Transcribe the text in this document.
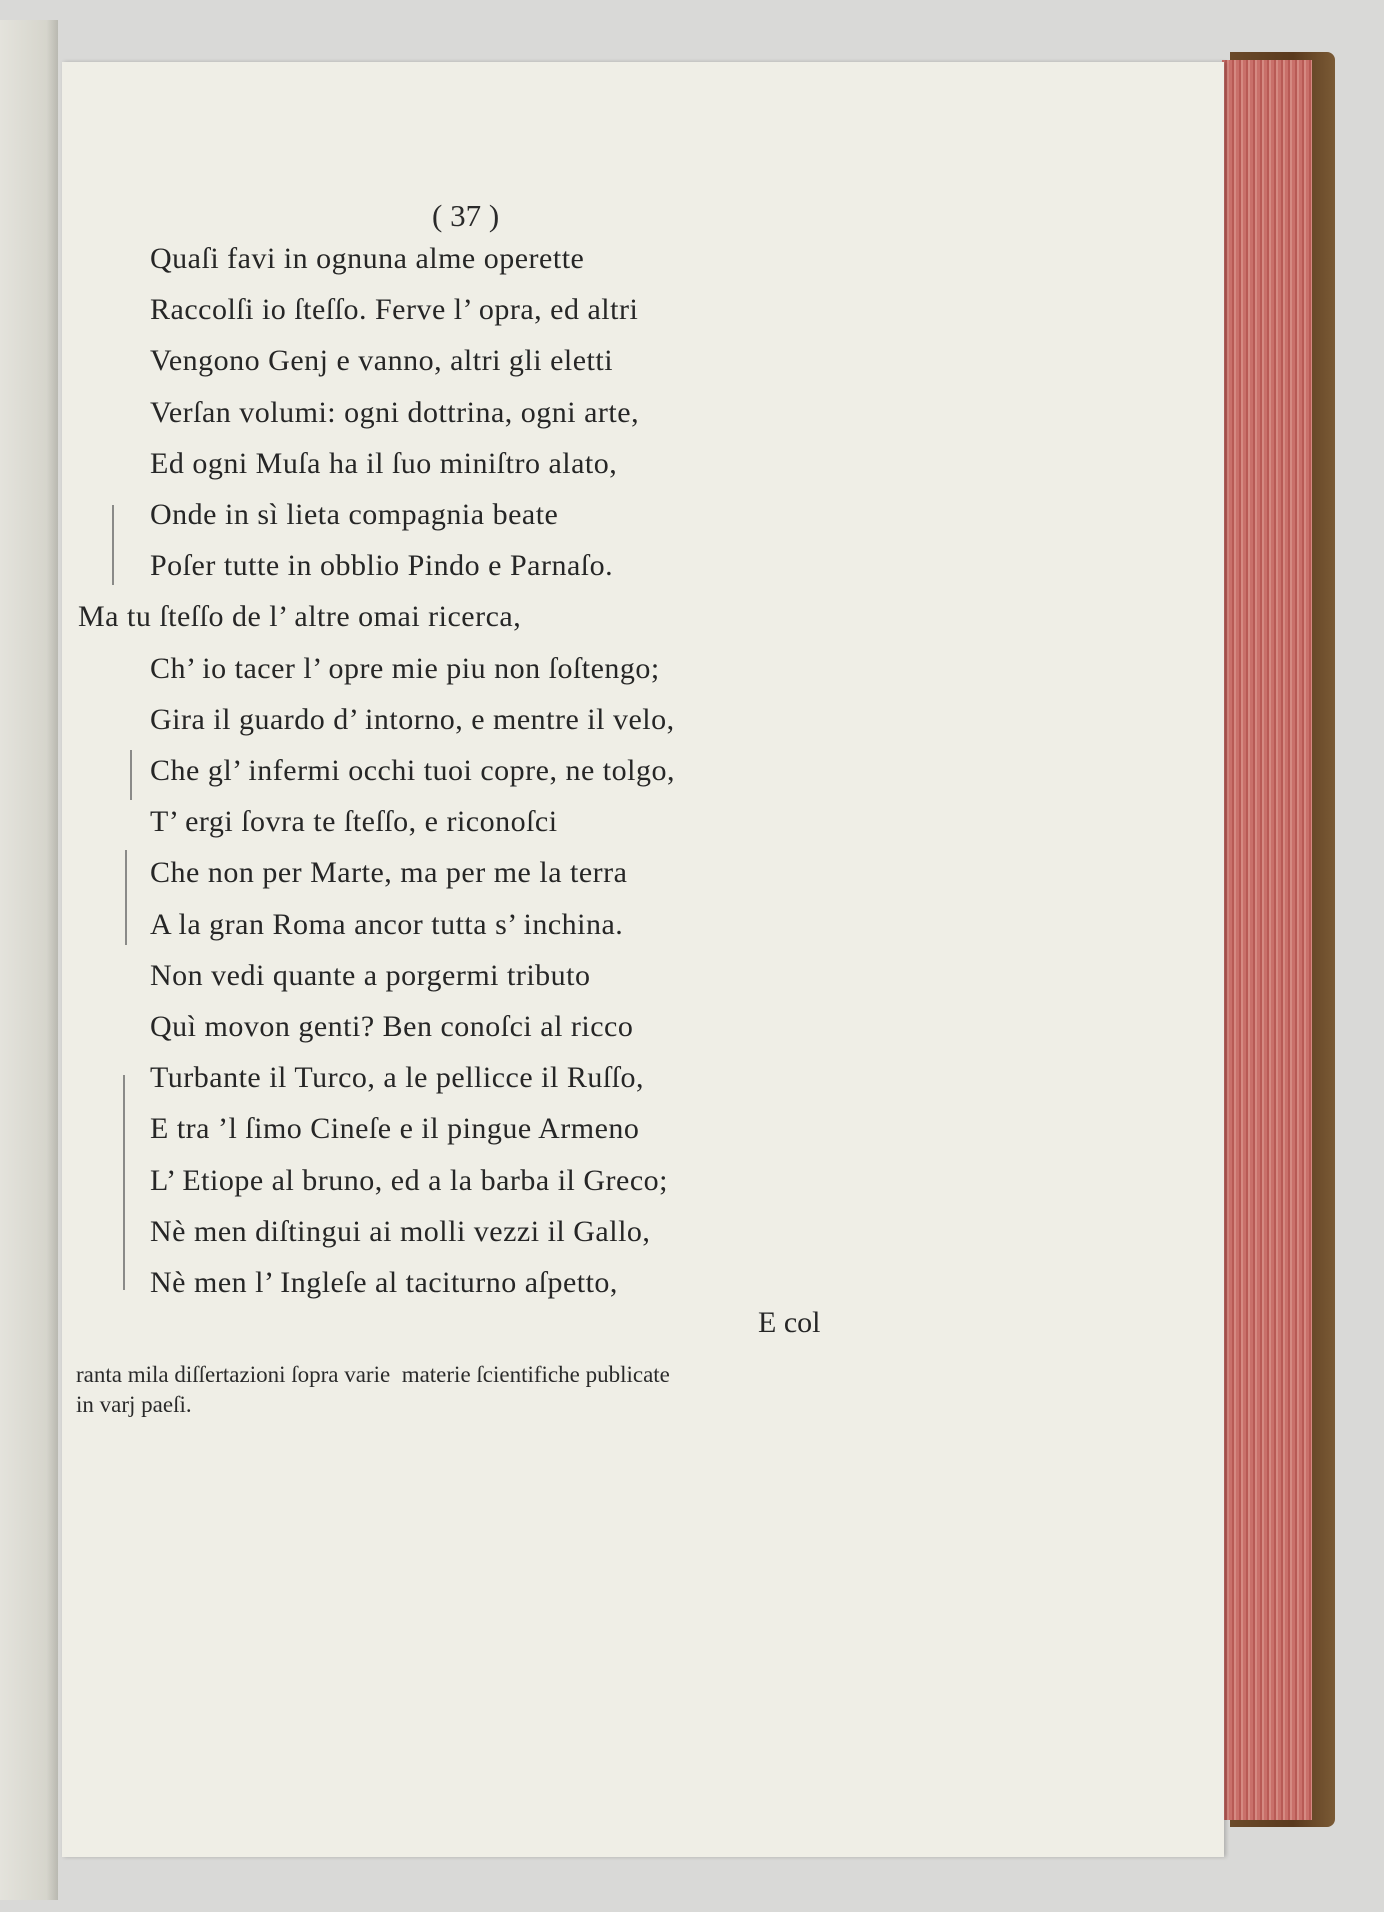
( 37 )
Quaſi favi in ognuna alme operette
Raccolſi io ſteſſo. Ferve l’ opra, ed altri
Vengono Genj e vanno, altri gli eletti
Verſan volumi: ogni dottrina, ogni arte,
Ed ogni Muſa ha il ſuo miniſtro alato,
Onde in sì lieta compagnia beate
Poſer tutte in obblio Pindo e Parnaſo.
Ma tu ſteſſo de l’ altre omai ricerca,
Ch’ io tacer l’ opre mie piu non ſoſtengo;
Gira il guardo d’ intorno, e mentre il velo,
Che gl’ infermi occhi tuoi copre, ne tolgo,
T’ ergi ſovra te ſteſſo, e riconoſci
Che non per Marte, ma per me la terra
A la gran Roma ancor tutta s’ inchina.
Non vedi quante a porgermi tributo
Quì movon genti? Ben conoſci al ricco
Turbante il Turco, a le pellicce il Ruſſo,
E tra ’l ſimo Cineſe e il pingue Armeno
L’ Etiope al bruno, ed a la barba il Greco;
Nè men diſtingui ai molli vezzi il Gallo,
Nè men l’ Ingleſe al taciturno aſpetto,
E col
ranta mila diſſertazioni ſopra varie  materie ſcientifiche publicate
in varj paeſi.
